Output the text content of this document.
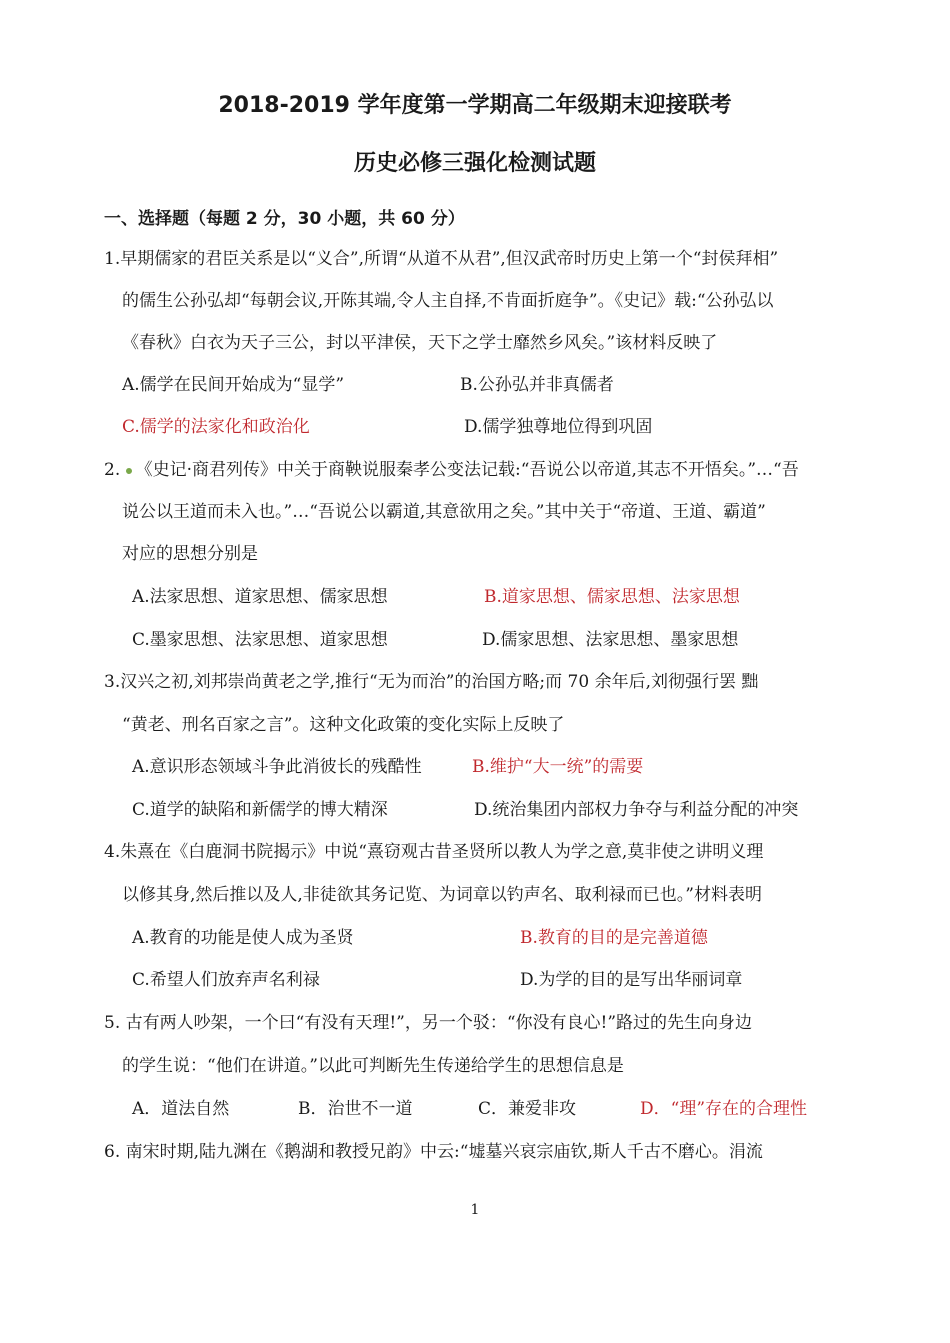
2018-2019 学年度第一学期高二年级期末迎接联考
历史必修三强化检测试题
一、选择题（每题 2 分，30 小题，共 60 分）
1.早期儒家的君臣关系是以“义合”,所谓“从道不从君”,但汉武帝时历史上第一个“封侯拜相”
的儒生公孙弘却“每朝会议,开陈其端,令人主自择,不肯面折庭争”。《史记》载:“公孙弘以
《春秋》白衣为天子三公，封以平津侯，天下之学士靡然乡风矣。”该材料反映了
A.儒学在民间开始成为“显学”	B.公孙弘并非真儒者
C.儒学的法家化和政治化	D.儒学独尊地位得到巩固
2. 《史记·商君列传》中关于商鞅说服秦孝公变法记载:“吾说公以帝道,其志不开悟矣。”…“吾
说公以王道而未入也。”…“吾说公以霸道,其意欲用之矣。”其中关于“帝道、王道、霸道”
对应的思想分别是
A.法家思想、道家思想、儒家思想	B.道家思想、儒家思想、法家思想
C.墨家思想、法家思想、道家思想	D.儒家思想、法家思想、墨家思想
3.汉兴之初,刘邦崇尚黄老之学,推行“无为而治”的治国方略;而 70 余年后,刘彻强行罢 黜
“黄老、刑名百家之言”。这种文化政策的变化实际上反映了
A.意识形态领域斗争此消彼长的残酷性	B.维护“大一统”的需要
C.道学的缺陷和新儒学的博大精深	D.统治集团内部权力争夺与利益分配的冲突
4.朱熹在《白鹿洞书院揭示》中说“熹窃观古昔圣贤所以教人为学之意,莫非使之讲明义理
以修其身,然后推以及人,非徒欲其务记览、为词章以钓声名、取利禄而已也。”材料表明
A.教育的功能是使人成为圣贤	B.教育的目的是完善道德
C.希望人们放弃声名利禄	D.为学的目的是写出华丽词章
5. 古有两人吵架，一个曰“有没有天理!”，另一个驳：“你没有良心!”路过的先生向身边
的学生说：“他们在讲道。”以此可判断先生传递给学生的思想信息是
A．道法自然	B．治世不一道	C．兼爱非攻	D．“理”存在的合理性
6. 南宋时期,陆九渊在《鹅湖和教授兄韵》中云:“墟墓兴哀宗庙钦,斯人千古不磨心。涓流
1
